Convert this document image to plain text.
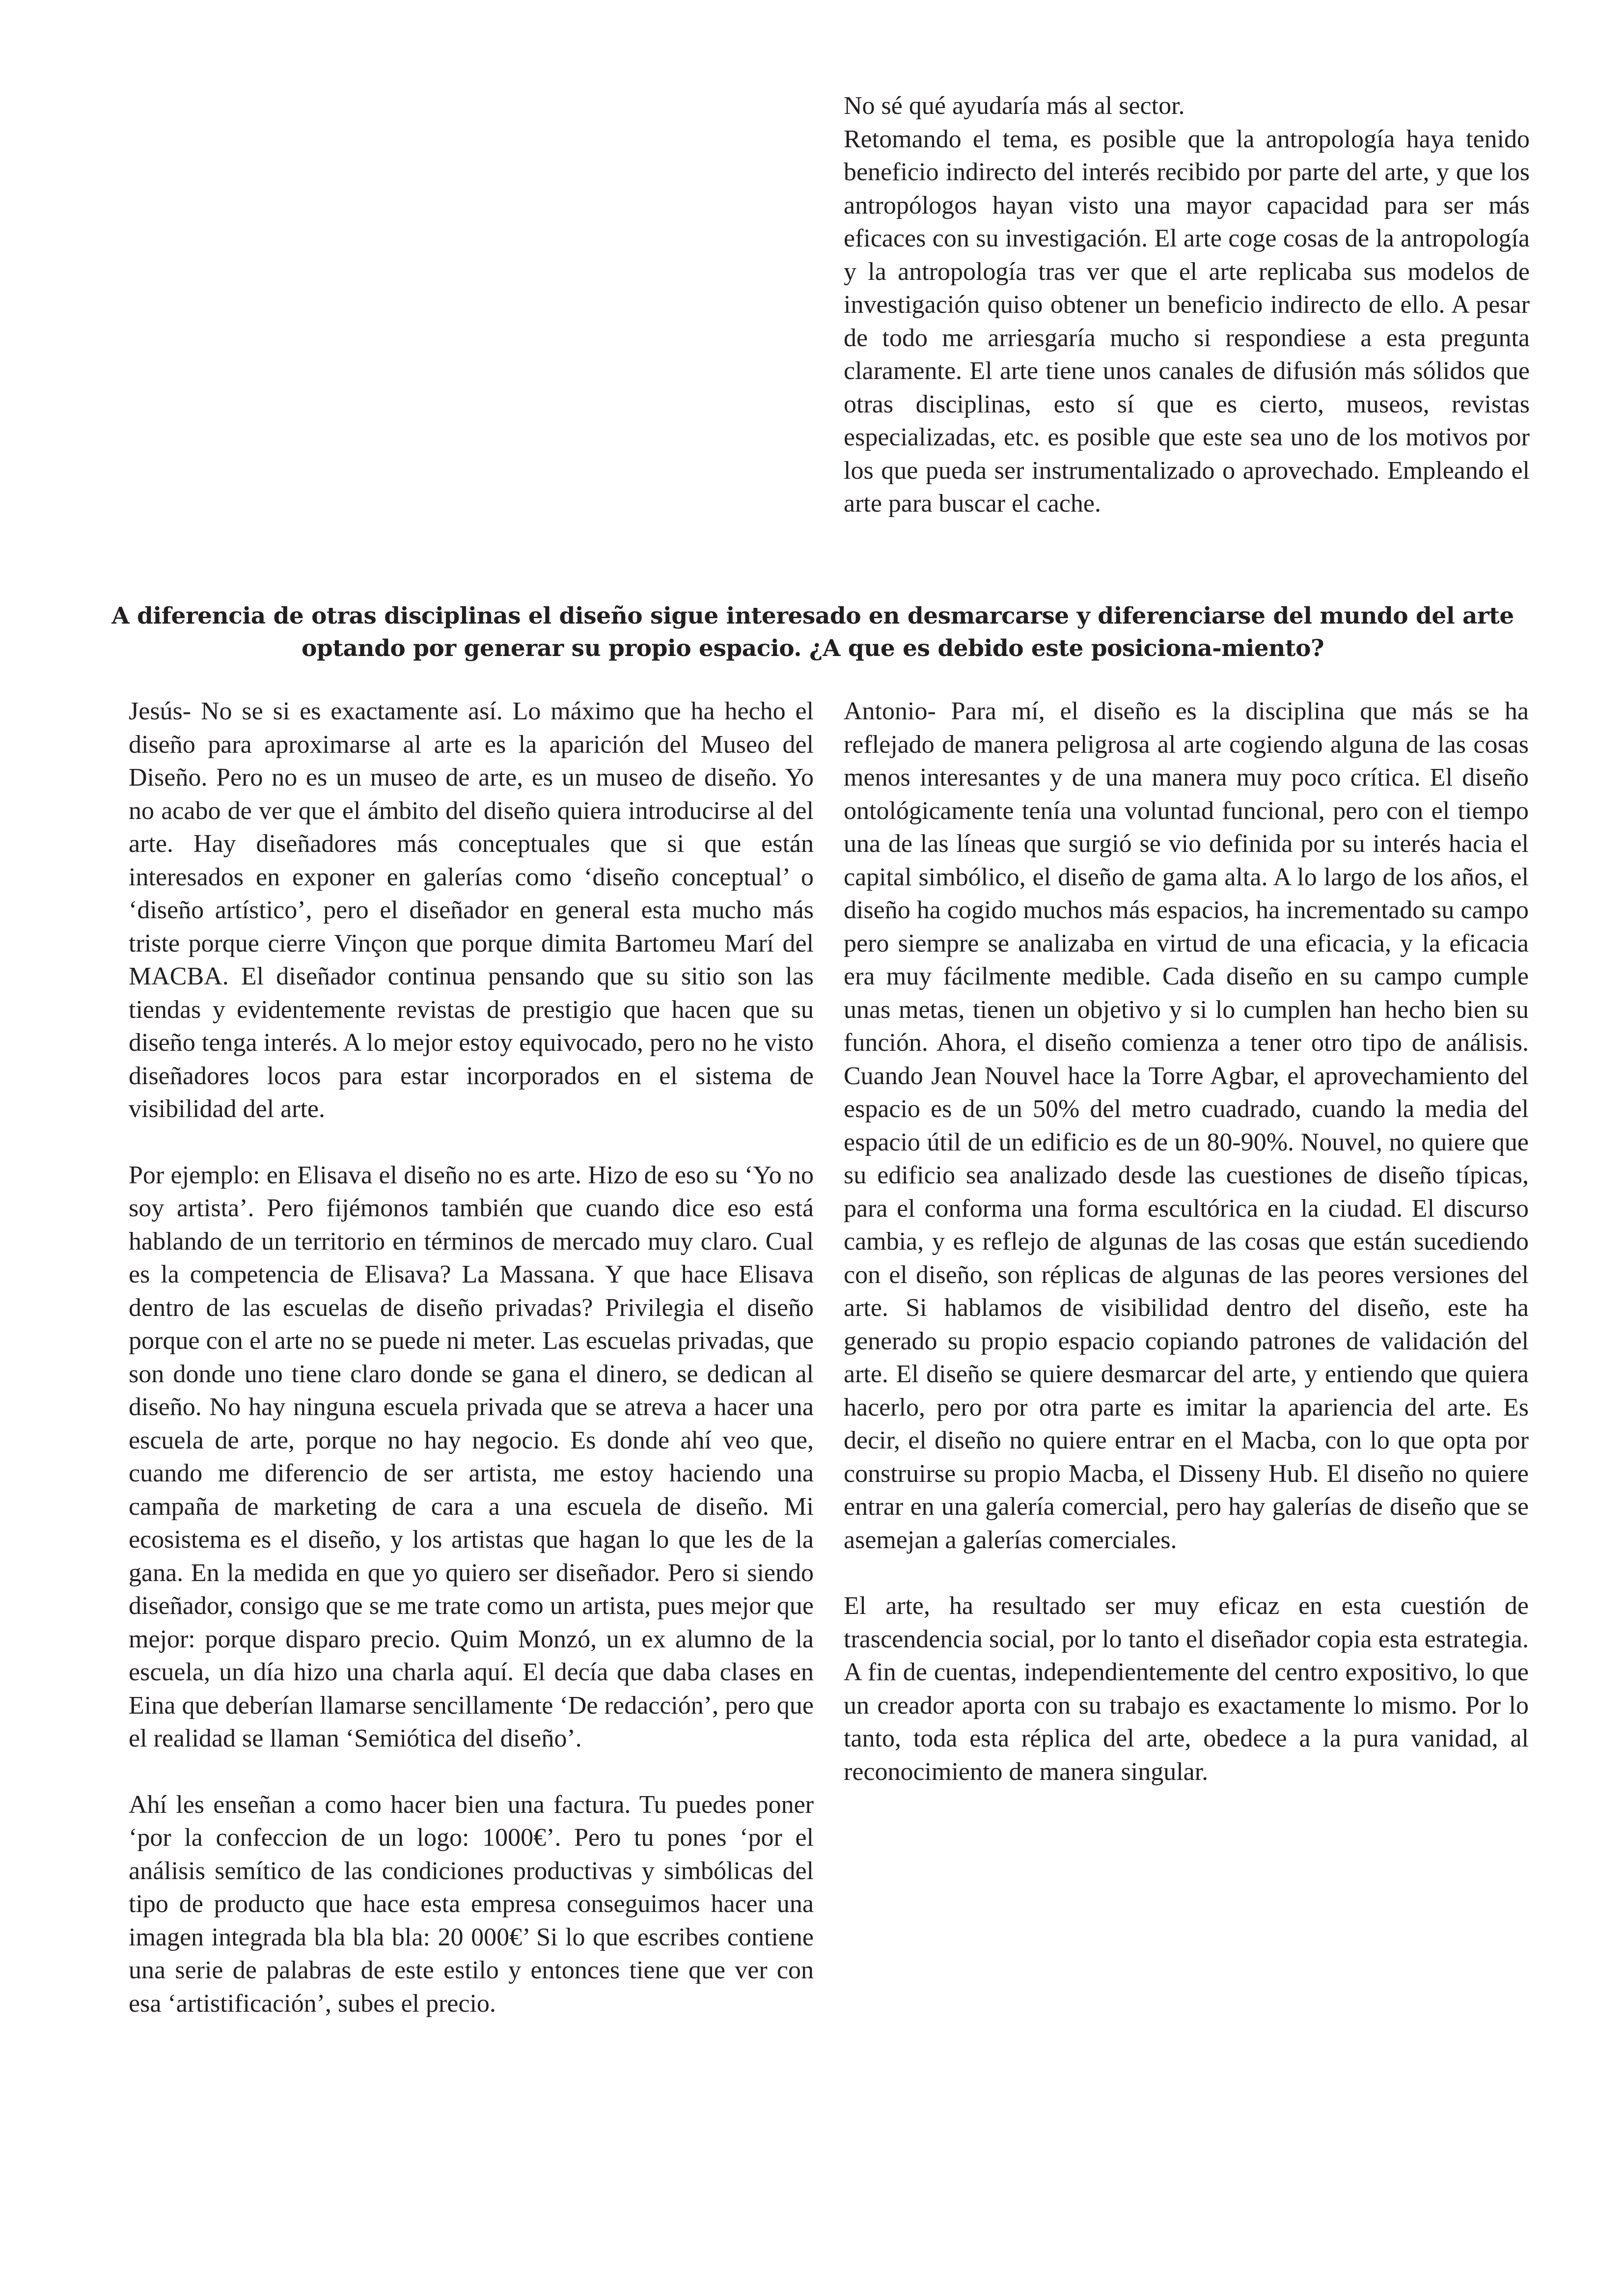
No sé qué ayudaría más al sector.

Retomando el tema, es posible que la antropología haya tenido beneficio indirecto del interés recibido por parte del arte, y que los antropólogos hayan visto una mayor capacidad para ser más eficaces con su investigación. El arte coge cosas de la antropología y la antropología tras ver que el arte replicaba sus modelos de investigación quiso obtener un beneficio indirecto de ello. A pesar de todo me arriesgaría mucho si respondiese a esta pregunta claramente. El arte tiene unos canales de difusión más sólidos que otras disciplinas, esto sí que es cierto, museos, revistas especializadas, etc. es posible que este sea uno de los motivos por los que pueda ser instrumentalizado o aprovechado. Empleando el arte para buscar el cache.

A diferencia de otras disciplinas el diseño sigue interesado en desmarcarse y diferenciarse del mundo del arte optando por generar su propio espacio. ¿A que es debido este posiciona-miento?

Jesús- No se si es exactamente así. Lo máximo que ha hecho el diseño para aproximarse al arte es la aparición del Museo del Diseño. Pero no es un museo de arte, es un museo de diseño. Yo no acabo de ver que el ámbito del diseño quiera introducirse al del arte. Hay diseñadores más conceptuales que si que están interesados en exponer en galerías como ‘diseño conceptual’ o ‘diseño artístico’, pero el diseñador en general esta mucho más triste porque cierre Vinçon que porque dimita Bartomeu Marí del MACBA. El diseñador continua pensando que su sitio son las tiendas y evidentemente revistas de prestigio que hacen que su diseño tenga interés. A lo mejor estoy equivocado, pero no he visto diseñadores locos para estar incorporados en el sistema de visibilidad del arte.

Por ejemplo: en Elisava el diseño no es arte. Hizo de eso su ‘Yo no soy artista’. Pero fijémonos también que cuando dice eso está hablando de un territorio en términos de mercado muy claro. Cual es la competencia de Elisava? La Massana. Y que hace Elisava dentro de las escuelas de diseño privadas? Privilegia el diseño porque con el arte no se puede ni meter. Las escuelas privadas, que son donde uno tiene claro donde se gana el dinero, se dedican al diseño. No hay ninguna escuela privada que se atreva a hacer una escuela de arte, porque no hay negocio. Es donde ahí veo que, cuando me diferencio de ser artista, me estoy haciendo una campaña de marketing de cara a una escuela de diseño. Mi ecosistema es el diseño, y los artistas que hagan lo que les de la gana. En la medida en que yo quiero ser diseñador. Pero si siendo diseñador, consigo que se me trate como un artista, pues mejor que mejor: porque disparo precio. Quim Monzó, un ex alumno de la escuela, un día hizo una charla aquí. El decía que daba clases en Eina que deberían llamarse sencillamente ‘De redacción’, pero que el realidad se llaman ‘Semiótica del diseño’.

Ahí les enseñan a como hacer bien una factura. Tu puedes poner ‘por la confeccion de un logo: 1000€’. Pero tu pones ‘por el análisis semítico de las condiciones productivas y simbólicas del tipo de producto que hace esta empresa conseguimos hacer una imagen integrada bla bla bla: 20 000€’ Si lo que escribes contiene una serie de palabras de este estilo y entonces tiene que ver con esa ‘artistificación’, subes el precio.

Antonio- Para mí, el diseño es la disciplina que más se ha reflejado de manera peligrosa al arte cogiendo alguna de las cosas menos interesantes y de una manera muy poco crítica. El diseño ontológicamente tenía una voluntad funcional, pero con el tiempo una de las líneas que surgió se vio definida por su interés hacia el capital simbólico, el diseño de gama alta. A lo largo de los años, el diseño ha cogido muchos más espacios, ha incrementado su campo pero siempre se analizaba en virtud de una eficacia, y la eficacia era muy fácilmente medible. Cada diseño en su campo cumple unas metas, tienen un objetivo y si lo cumplen han hecho bien su función. Ahora, el diseño comienza a tener otro tipo de análisis. Cuando Jean Nouvel hace la Torre Agbar, el aprovechamiento del espacio es de un 50% del metro cuadrado, cuando la media del espacio útil de un edificio es de un 80-90%. Nouvel, no quiere que su edificio sea analizado desde las cuestiones de diseño típicas, para el conforma una forma escultórica en la ciudad. El discurso cambia, y es reflejo de algunas de las cosas que están sucediendo con el diseño, son réplicas de algunas de las peores versiones del arte. Si hablamos de visibilidad dentro del diseño, este ha generado su propio espacio copiando patrones de validación del arte. El diseño se quiere desmarcar del arte, y entiendo que quiera hacerlo, pero por otra parte es imitar la apariencia del arte. Es decir, el diseño no quiere entrar en el Macba, con lo que opta por construirse su propio Macba, el Disseny Hub. El diseño no quiere entrar en una galería comercial, pero hay galerías de diseño que se asemejan a galerías comerciales.

El arte, ha resultado ser muy eficaz en esta cuestión de trascendencia social, por lo tanto el diseñador copia esta estrategia. A fin de cuentas, independientemente del centro expositivo, lo que un creador aporta con su trabajo es exactamente lo mismo. Por lo tanto, toda esta réplica del arte, obedece a la pura vanidad, al reconocimiento de manera singular.
